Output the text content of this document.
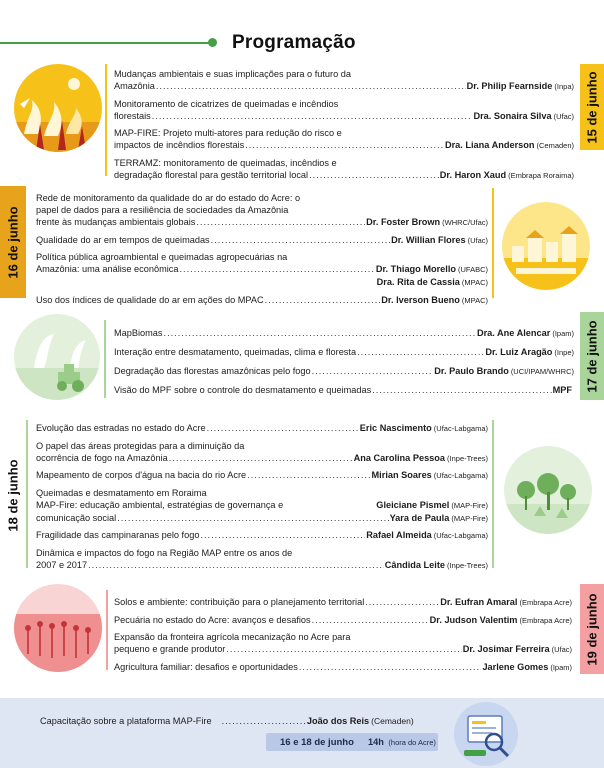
Programação
Mudanças ambientais e suas implicações para o futuro da
Amazônia .....	Dr. Philip Fearnside (Inpa)
Monitoramento de cicatrizes de queimadas e incêndios
florestais .....	Dra. Sonaira Silva (Ufac)
MAP-FIRE: Projeto multi-atores para redução do risco e
impactos de incêndios florestais .....	Dra. Liana Anderson (Cemaden)
TERRAMZ: monitoramento de queimadas, incêndios e
degradação florestal para gestão territorial local .....	Dr. Haron Xaud (Embrapa Roraima)
15 de junho
16 de junho
Rede de monitoramento da qualidade do ar do estado do Acre: o
papel de dados para a resiliência de sociedades da Amazônia
frente às mudanças ambientais globais .....	Dr. Foster Brown (WHRC/Ufac)
Qualidade do ar em tempos de queimadas .....	Dr. Willian Flores (Ufac)
Política pública agroambiental e queimadas agropecuárias na
Amazônia: uma análise econômica .....	Dr. Thiago Morello (UFABC)
Dra. Rita de Cassia (MPAC)
Uso dos índices de qualidade do ar em ações do MPAC .....	Dr. Iverson Bueno (MPAC)
MapBiomas .....	Dra. Ane Alencar (Ipam)
Interação entre desmatamento, queimadas, clima e floresta .....	Dr. Luiz Aragão (Inpe)
Degradação das florestas amazônicas pelo fogo .....	Dr. Paulo Brando (UCI/IPAM/WHRC)
Visão do MPF sobre o controle do desmatamento e queimadas .....	MPF 17 de junho
18 de junho
Evolução das estradas no estado do Acre .....	Eric Nascimento (Ufac-Labgama)
O papel das áreas protegidas para a diminuição da
ocorrência de fogo na Amazônia .....	Ana Carolina Pessoa (Inpe-Trees)
Mapeamento de corpos d'água na bacia do rio Acre .....	Mirian Soares (Ufac-Labgama)
Queimadas e desmatamento em Roraima
MAP-Fire: educação ambiental, estratégias de governança e	Gleiciane Pismel (MAP-Fire)
comunicação social .....	Yara de Paula (MAP-Fire)
Fragilidade das campinaranas pelo fogo .....	Rafael Almeida (Ufac-Labgama)
Dinâmica e impactos do fogo na Região MAP entre os anos de
2007 e 2017 .....	Cândida Leite (Inpe-Trees)
Solos e ambiente: contribuição para o planejamento territorial .....	Dr. Eufran Amaral (Embrapa Acre)
Pecuária no estado do Acre: avanços e desafios .....	Dr. Judson Valentim (Embrapa Acre)
Expansão da fronteira agrícola mecanização no Acre para
pequeno e grande produtor .....	Dr. Josimar Ferreira (Ufac)
Agricultura familiar: desafios e oportunidades .....	Jarlene Gomes (Ipam)
19 de junho
Capacitação sobre a plataforma MAP-Fire ........................ João dos Reis (Cemaden)
16 e 18 de junho 14h (hora do Acre)
